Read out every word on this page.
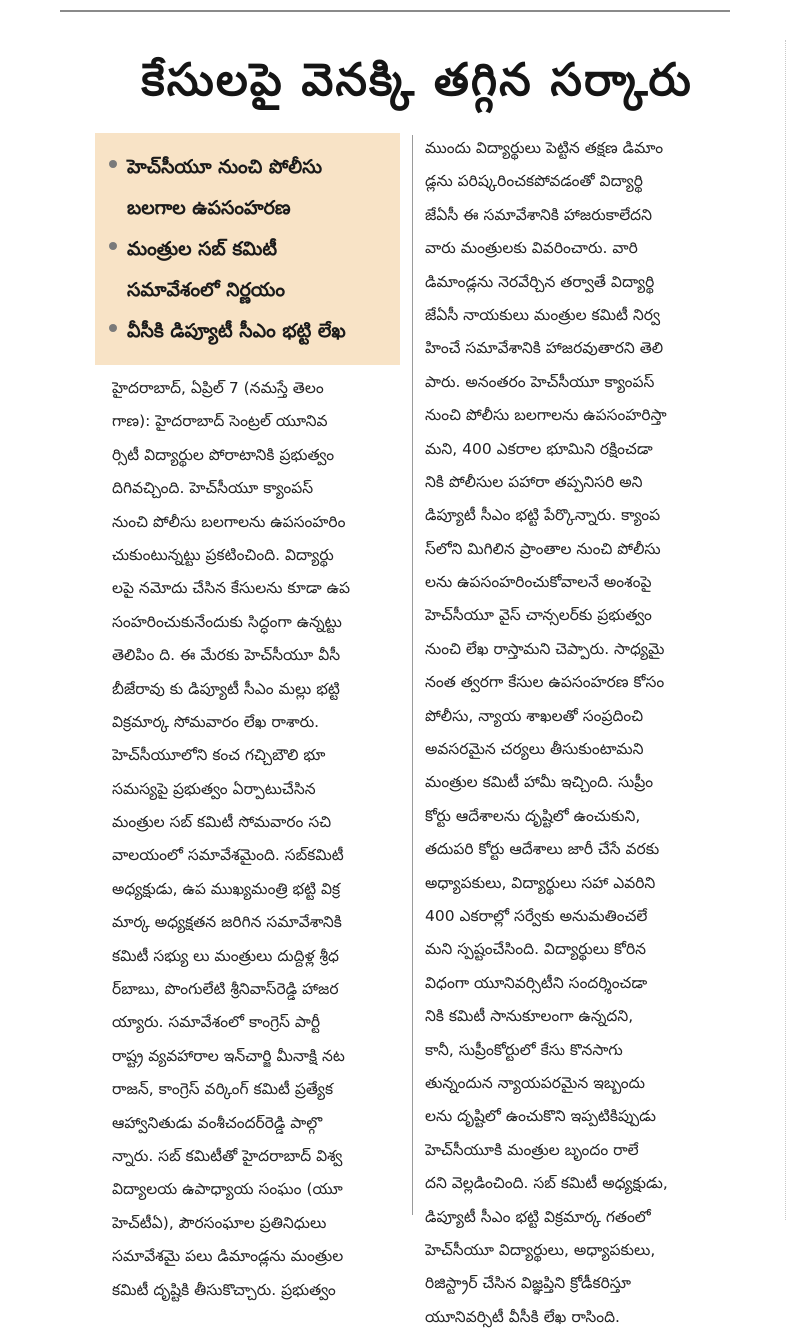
కేసులపై వెనక్కి తగ్గిన సర్కారు
హెచ్‌సీయూ నుంచి పోలీసు
బలగాల ఉపసంహరణ
మంత్రుల సబ్ కమిటీ
సమావేశంలో నిర్ణయం
వీసీకి డిప్యూటీ సీఎం భట్టి లేఖ
హైదరాబాద్, ఏప్రిల్ 7 (నమస్తే తెలం
గాణ): హైదరాబాద్ సెంట్రల్ యూనివ
ర్సిటీ విద్యార్థుల పోరాటానికి ప్రభుత్వం
దిగివచ్చింది. హెచ్‌సీయూ క్యాంపస్
నుంచి పోలీసు బలగాలను ఉపసంహరిం
చుకుంటున్నట్టు ప్రకటించింది. విద్యార్థు
లపై నమోదు చేసిన కేసులను కూడా ఉప
సంహరించుకునేందుకు సిద్ధంగా ఉన్నట్టు
తెలిపిం ది. ఈ మేరకు హెచ్‌సీయూ వీసీ
బీజేరావు కు డిప్యూటీ సీఎం మల్లు భట్టి
విక్రమార్క సోమవారం లేఖ రాశారు.
హెచ్‌సీయూలోని కంచ గచ్చిబౌలి భూ
సమస్యపై ప్రభుత్వం ఏర్పాటుచేసిన
మంత్రుల సబ్ కమిటీ సోమవారం సచి
వాలయంలో సమావేశమైంది. సబ్‌కమిటీ
అధ్యక్షుడు, ఉప ముఖ్యమంత్రి భట్టి విక్ర
మార్క అధ్యక్షతన జరిగిన సమావేశానికి
కమిటీ సభ్యు లు మంత్రులు దుద్దిళ్ల శ్రీధ
ర్‌బాబు, పొంగులేటి శ్రీనివాస్‌రెడ్డి హాజర
య్యారు. సమావేశంలో కాంగ్రెస్ పార్టీ
రాష్ట్ర వ్యవహారాల ఇన్‌చార్జి మీనాక్షి నట
రాజన్, కాంగ్రెస్ వర్కింగ్ కమిటీ ప్రత్యేక
ఆహ్వానితుడు వంశీచందర్‌రెడ్డి పాల్గొ
న్నారు. సబ్ కమిటీతో హైదరాబాద్ విశ్వ
విద్యాలయ ఉపాధ్యాయ సంఘం (యూ
హెచ్‌టీఏ), పౌరసంఘాల ప్రతినిధులు
సమావేశమై పలు డిమాండ్లను మంత్రుల
కమిటీ దృష్టికి తీసుకొచ్చారు. ప్రభుత్వం
ముందు విద్యార్థులు పెట్టిన తక్షణ డిమాం
డ్లను పరిష్కరించకపోవడంతో విద్యార్థి
జేఏసీ ఈ సమావేశానికి హాజరుకాలేదని
వారు మంత్రులకు వివరించారు. వారి
డిమాండ్లను నెరవేర్చిన తర్వాతే విద్యార్థి
జేఏసీ నాయకులు మంత్రుల కమిటీ నిర్వ
హించే సమావేశానికి హాజరవుతారని తెలి
పారు. అనంతరం హెచ్‌సీయూ క్యాంపస్
నుంచి పోలీసు బలగాలను ఉపసంహరిస్తా
మని, 400 ఎకరాల భూమిని రక్షించడా
నికి పోలీసుల పహారా తప్పనిసరి అని
డిప్యూటీ సీఎం భట్టి పేర్కొన్నారు. క్యాంప
స్‌లోని మిగిలిన ప్రాంతాల నుంచి పోలీసు
లను ఉపసంహరించుకోవాలనే అంశంపై
హెచ్‌సీయూ వైస్ చాన్సలర్‌కు ప్రభుత్వం
నుంచి లేఖ రాస్తామని చెప్పారు. సాధ్యమై
నంత త్వరగా కేసుల ఉపసంహరణ కోసం
పోలీసు, న్యాయ శాఖలతో సంప్రదించి
అవసరమైన చర్యలు తీసుకుంటామని
మంత్రుల కమిటీ హామీ ఇచ్చింది. సుప్రీం
కోర్టు ఆదేశాలను దృష్టిలో ఉంచుకుని,
తదుపరి కోర్టు ఆదేశాలు జారీ చేసే వరకు
అధ్యాపకులు, విద్యార్థులు సహా ఎవరిని
400 ఎకరాల్లో సర్వేకు అనుమతించలే
మని స్పష్టంచేసింది. విద్యార్థులు కోరిన
విధంగా యూనివర్సిటీని సందర్శించడా
నికి కమిటీ సానుకూలంగా ఉన్నదని,
కానీ, సుప్రీంకోర్టులో కేసు కొనసాగు
తున్నందున న్యాయపరమైన ఇబ్బందు
లను దృష్టిలో ఉంచుకొని ఇప్పటికిప్పుడు
హెచ్‌సీయూకి మంత్రుల బృందం రాలే
దని వెల్లడించింది. సబ్ కమిటీ అధ్యక్షుడు,
డిప్యూటీ సీఎం భట్టి విక్రమార్క గతంలో
హెచ్‌సీయూ విద్యార్థులు, అధ్యాపకులు,
రిజిస్ట్రార్ చేసిన విజ్ఞప్తిని క్రోడీకరిస్తూ
యూనివర్సిటీ వీసీకి లేఖ రాసింది.
